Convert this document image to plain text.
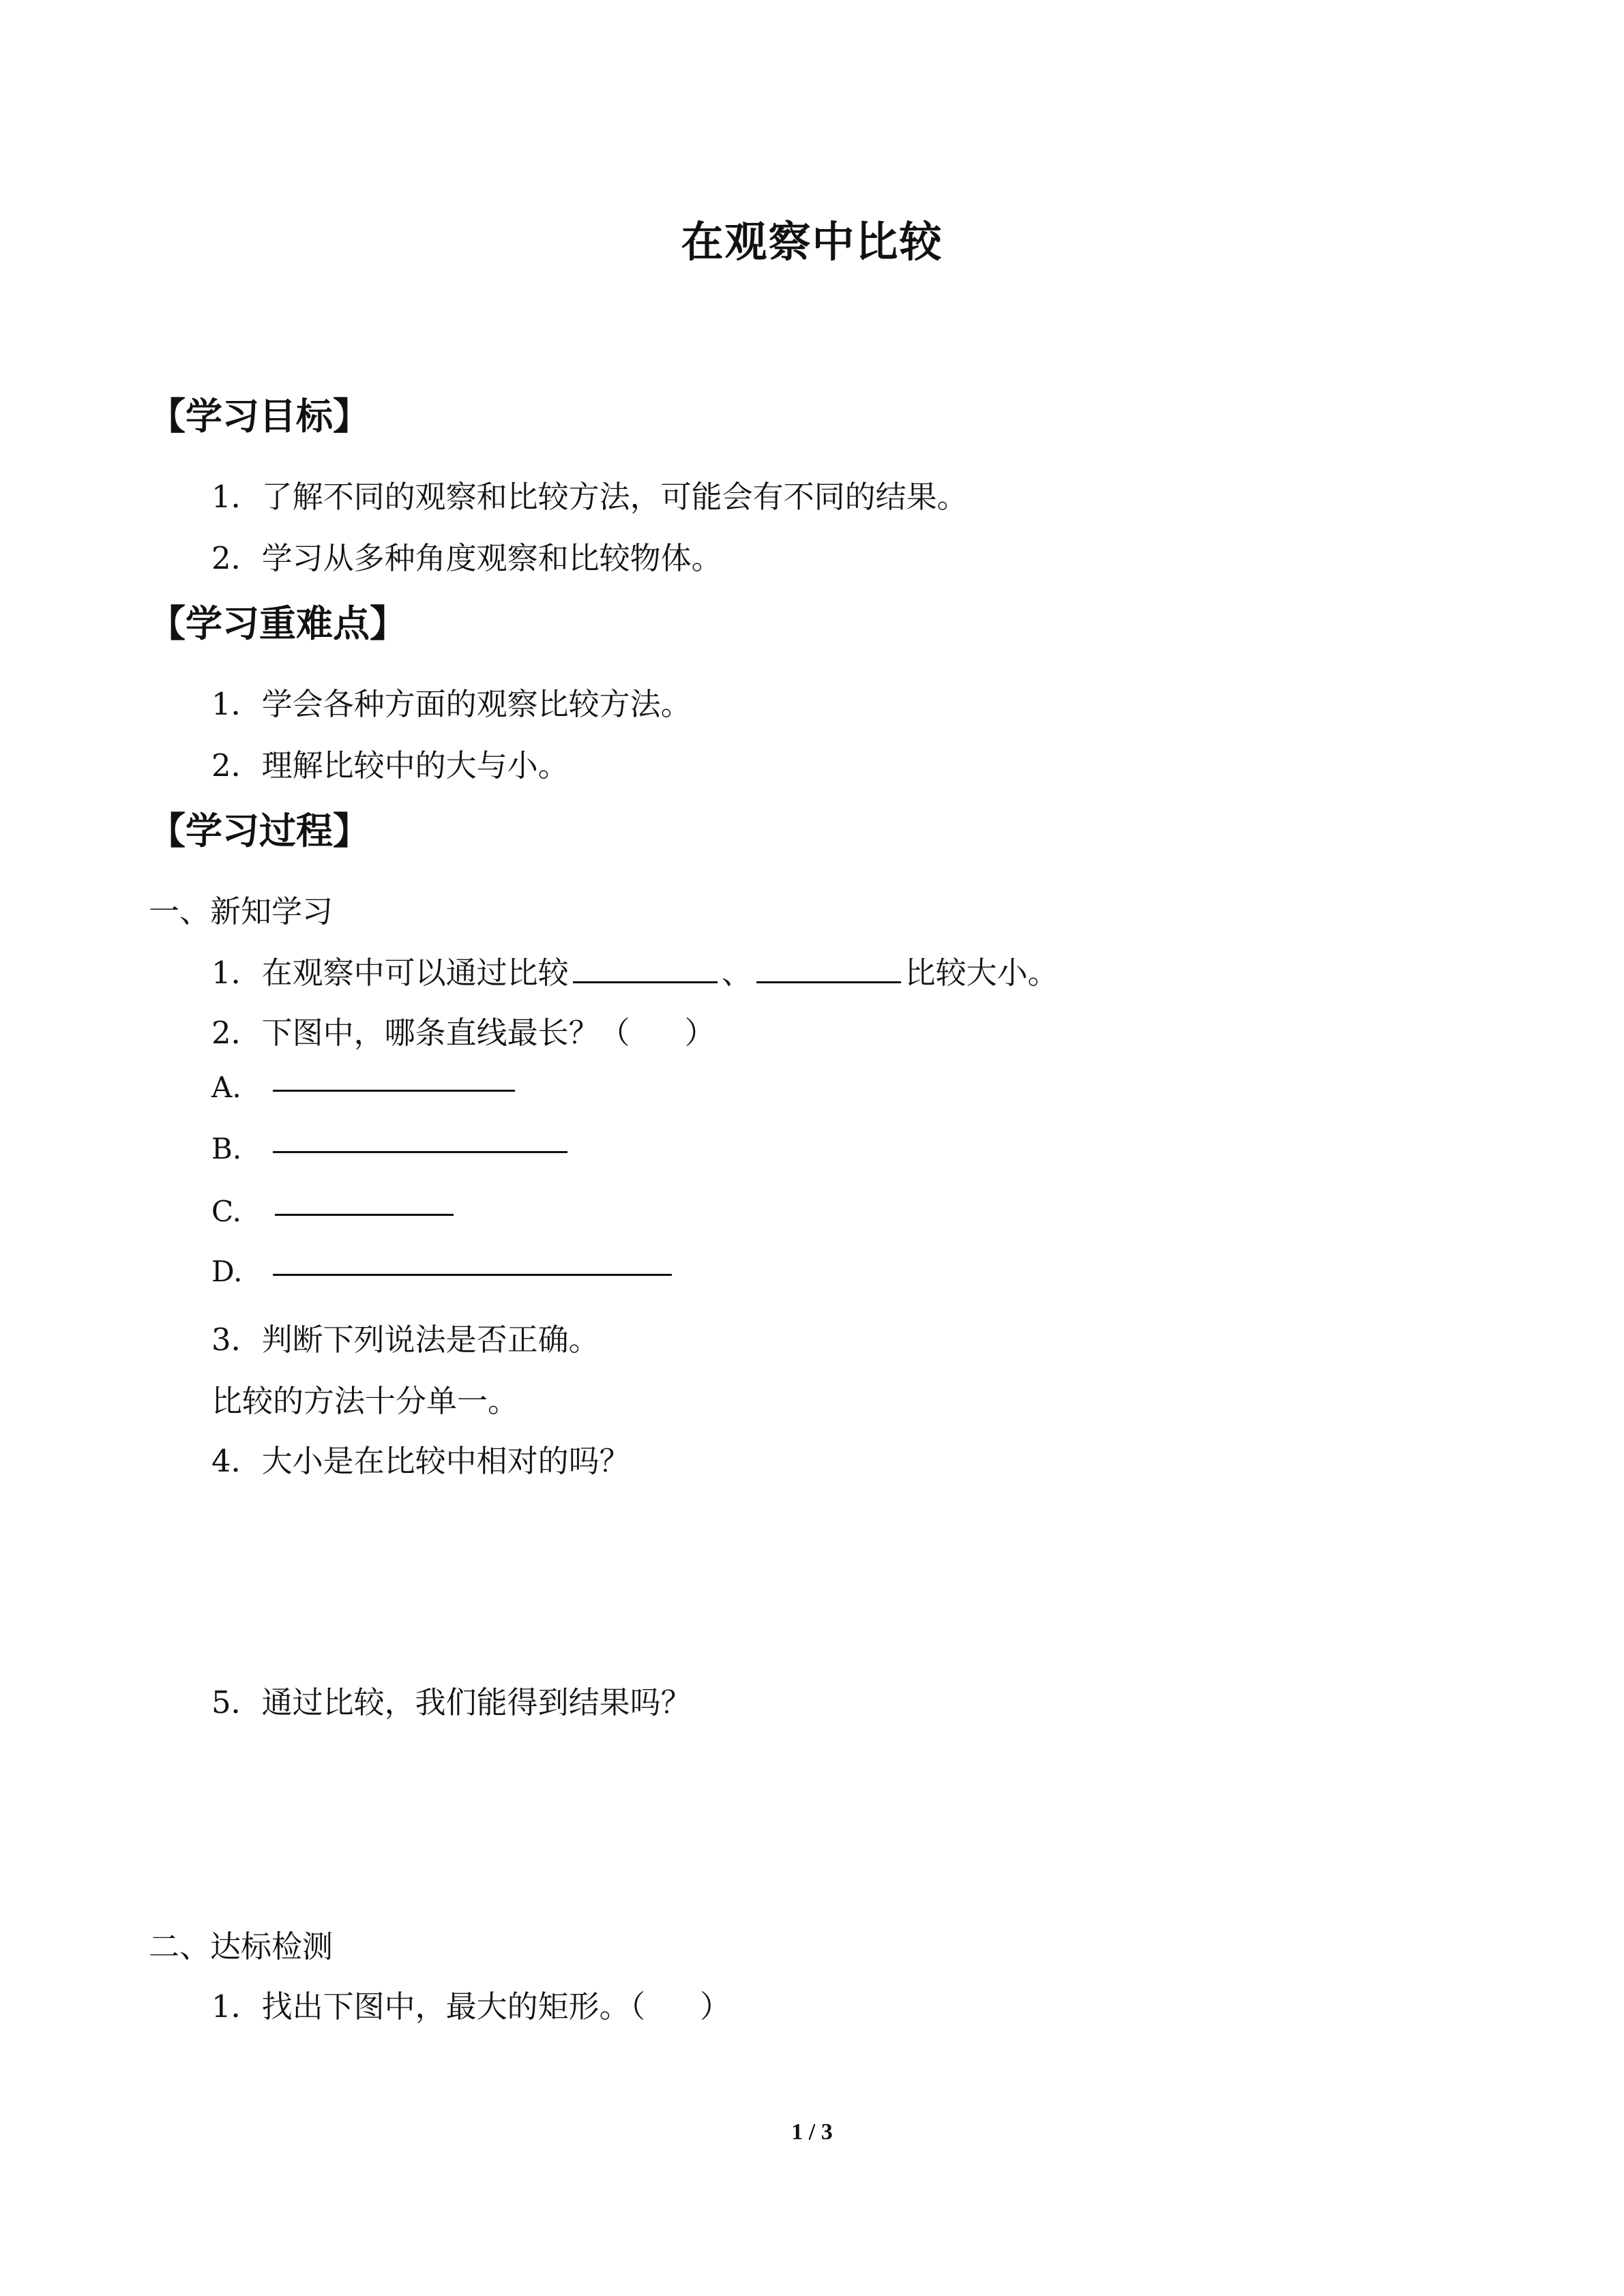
在观察中比较
【学习目标】
1．了解不同的观察和比较方法，可能会有不同的结果。
2．学习从多种角度观察和比较物体。
【学习重难点】
1．学会各种方面的观察比较方法。
2．理解比较中的大与小。
【学习过程】
一、新知学习
1．在观察中可以通过比较	、	比较大小。
2．下图中，哪条直线最长？（ ）
A.
B.
C.
D.
3．判断下列说法是否正确。
比较的方法十分单一。
4．大小是在比较中相对的吗？
5．通过比较，我们能得到结果吗？
二、达标检测
1．找出下图中，最大的矩形。（ ）
1 / 3
